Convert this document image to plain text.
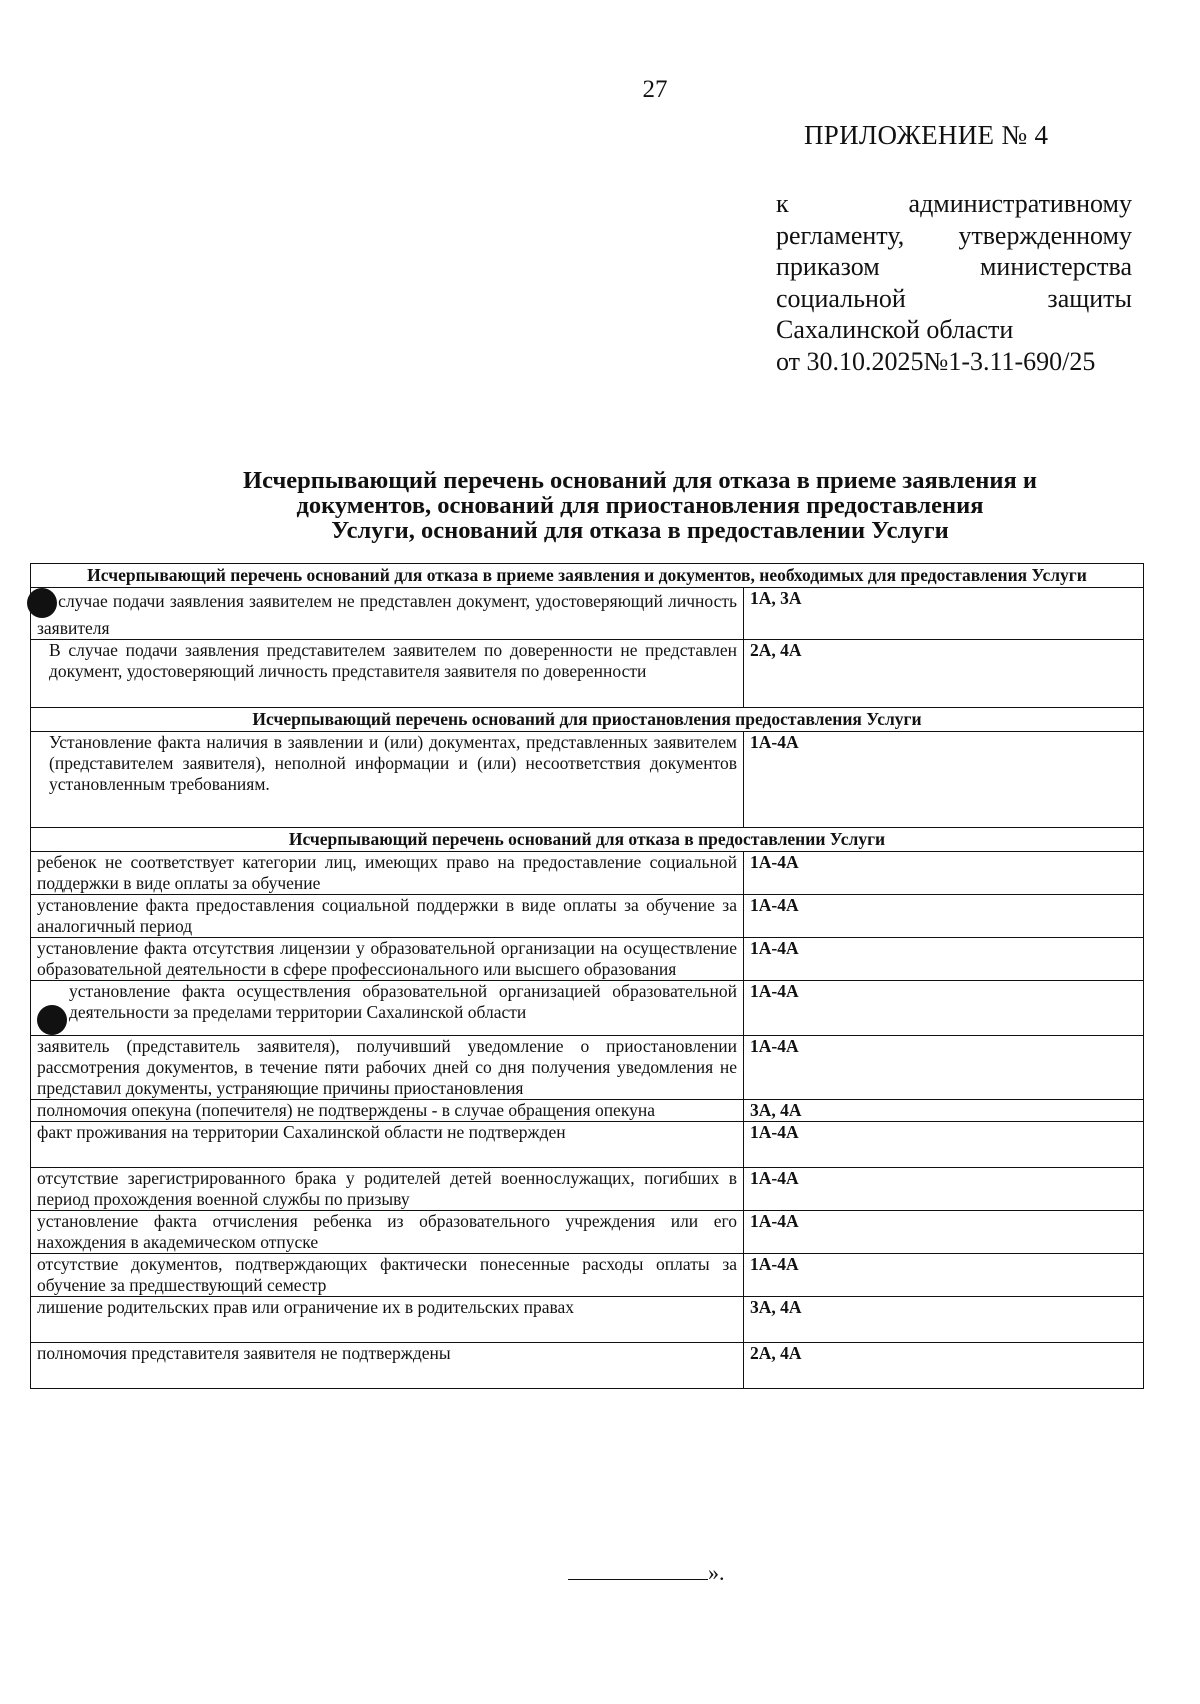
27
ПРИЛОЖЕНИЕ № 4
к административному
регламенту, утвержденному
приказом министерства
социальной защиты
Сахалинской области
от 30.10.2025№1-3.11-690/25
Исчерпывающий перечень оснований для отказа в приеме заявления и
документов, оснований для приостановления предоставления
Услуги, оснований для отказа в предоставлении Услуги
Исчерпывающий перечень оснований для отказа в приеме заявления и документов, необходимых для предоставления Услуги	
случае подачи заявления заявителем не представлен документ, удостоверяющий личность заявителя	1А, 3А
В случае подачи заявления представителем заявителем по доверенности не представлен документ, удостоверяющий личность представителя заявителя по доверенности	2А, 4А
Исчерпывающий перечень оснований для приостановления предоставления Услуги	
Установление факта наличия в заявлении и (или) документах, представленных заявителем (представителем заявителя), неполной информации и (или) несоответствия документов установленным требованиям.	1А-4А
Исчерпывающий перечень оснований для отказа в предоставлении Услуги	
ребенок не соответствует категории лиц, имеющих право на предоставление социальной поддержки в виде оплаты за обучение	1А-4А
установление факта предоставления социальной поддержки в виде оплаты за обучение за аналогичный период	1А-4А
установление факта отсутствия лицензии у образовательной организации на осуществление образовательной деятельности в сфере профессионального или высшего образования	1А-4А

установление факта осуществления образовательной организацией образовательной деятельности за пределами территории Сахалинской области	1А-4А
заявитель (представитель заявителя), получивший уведомление о приостановлении рассмотрения документов, в течение пяти рабочих дней со дня получения уведомления не представил документы, устраняющие причины приостановления	1А-4А
полномочия опекуна (попечителя) не подтверждены - в случае обращения опекуна	3А, 4А
факт проживания на территории Сахалинской области не подтвержден	1А-4А
отсутствие зарегистрированного брака у родителей детей военнослужащих, погибших в период прохождения военной службы по призыву	1А-4А
установление факта отчисления ребенка из образовательного учреждения или его нахождения в академическом отпуске	1А-4А
отсутствие документов, подтверждающих фактически понесенные расходы оплаты за обучение за предшествующий семестр	1А-4А
лишение родительских прав или ограничение их в родительских правах	3А, 4А
полномочия представителя заявителя не подтверждены	2А, 4А
».
